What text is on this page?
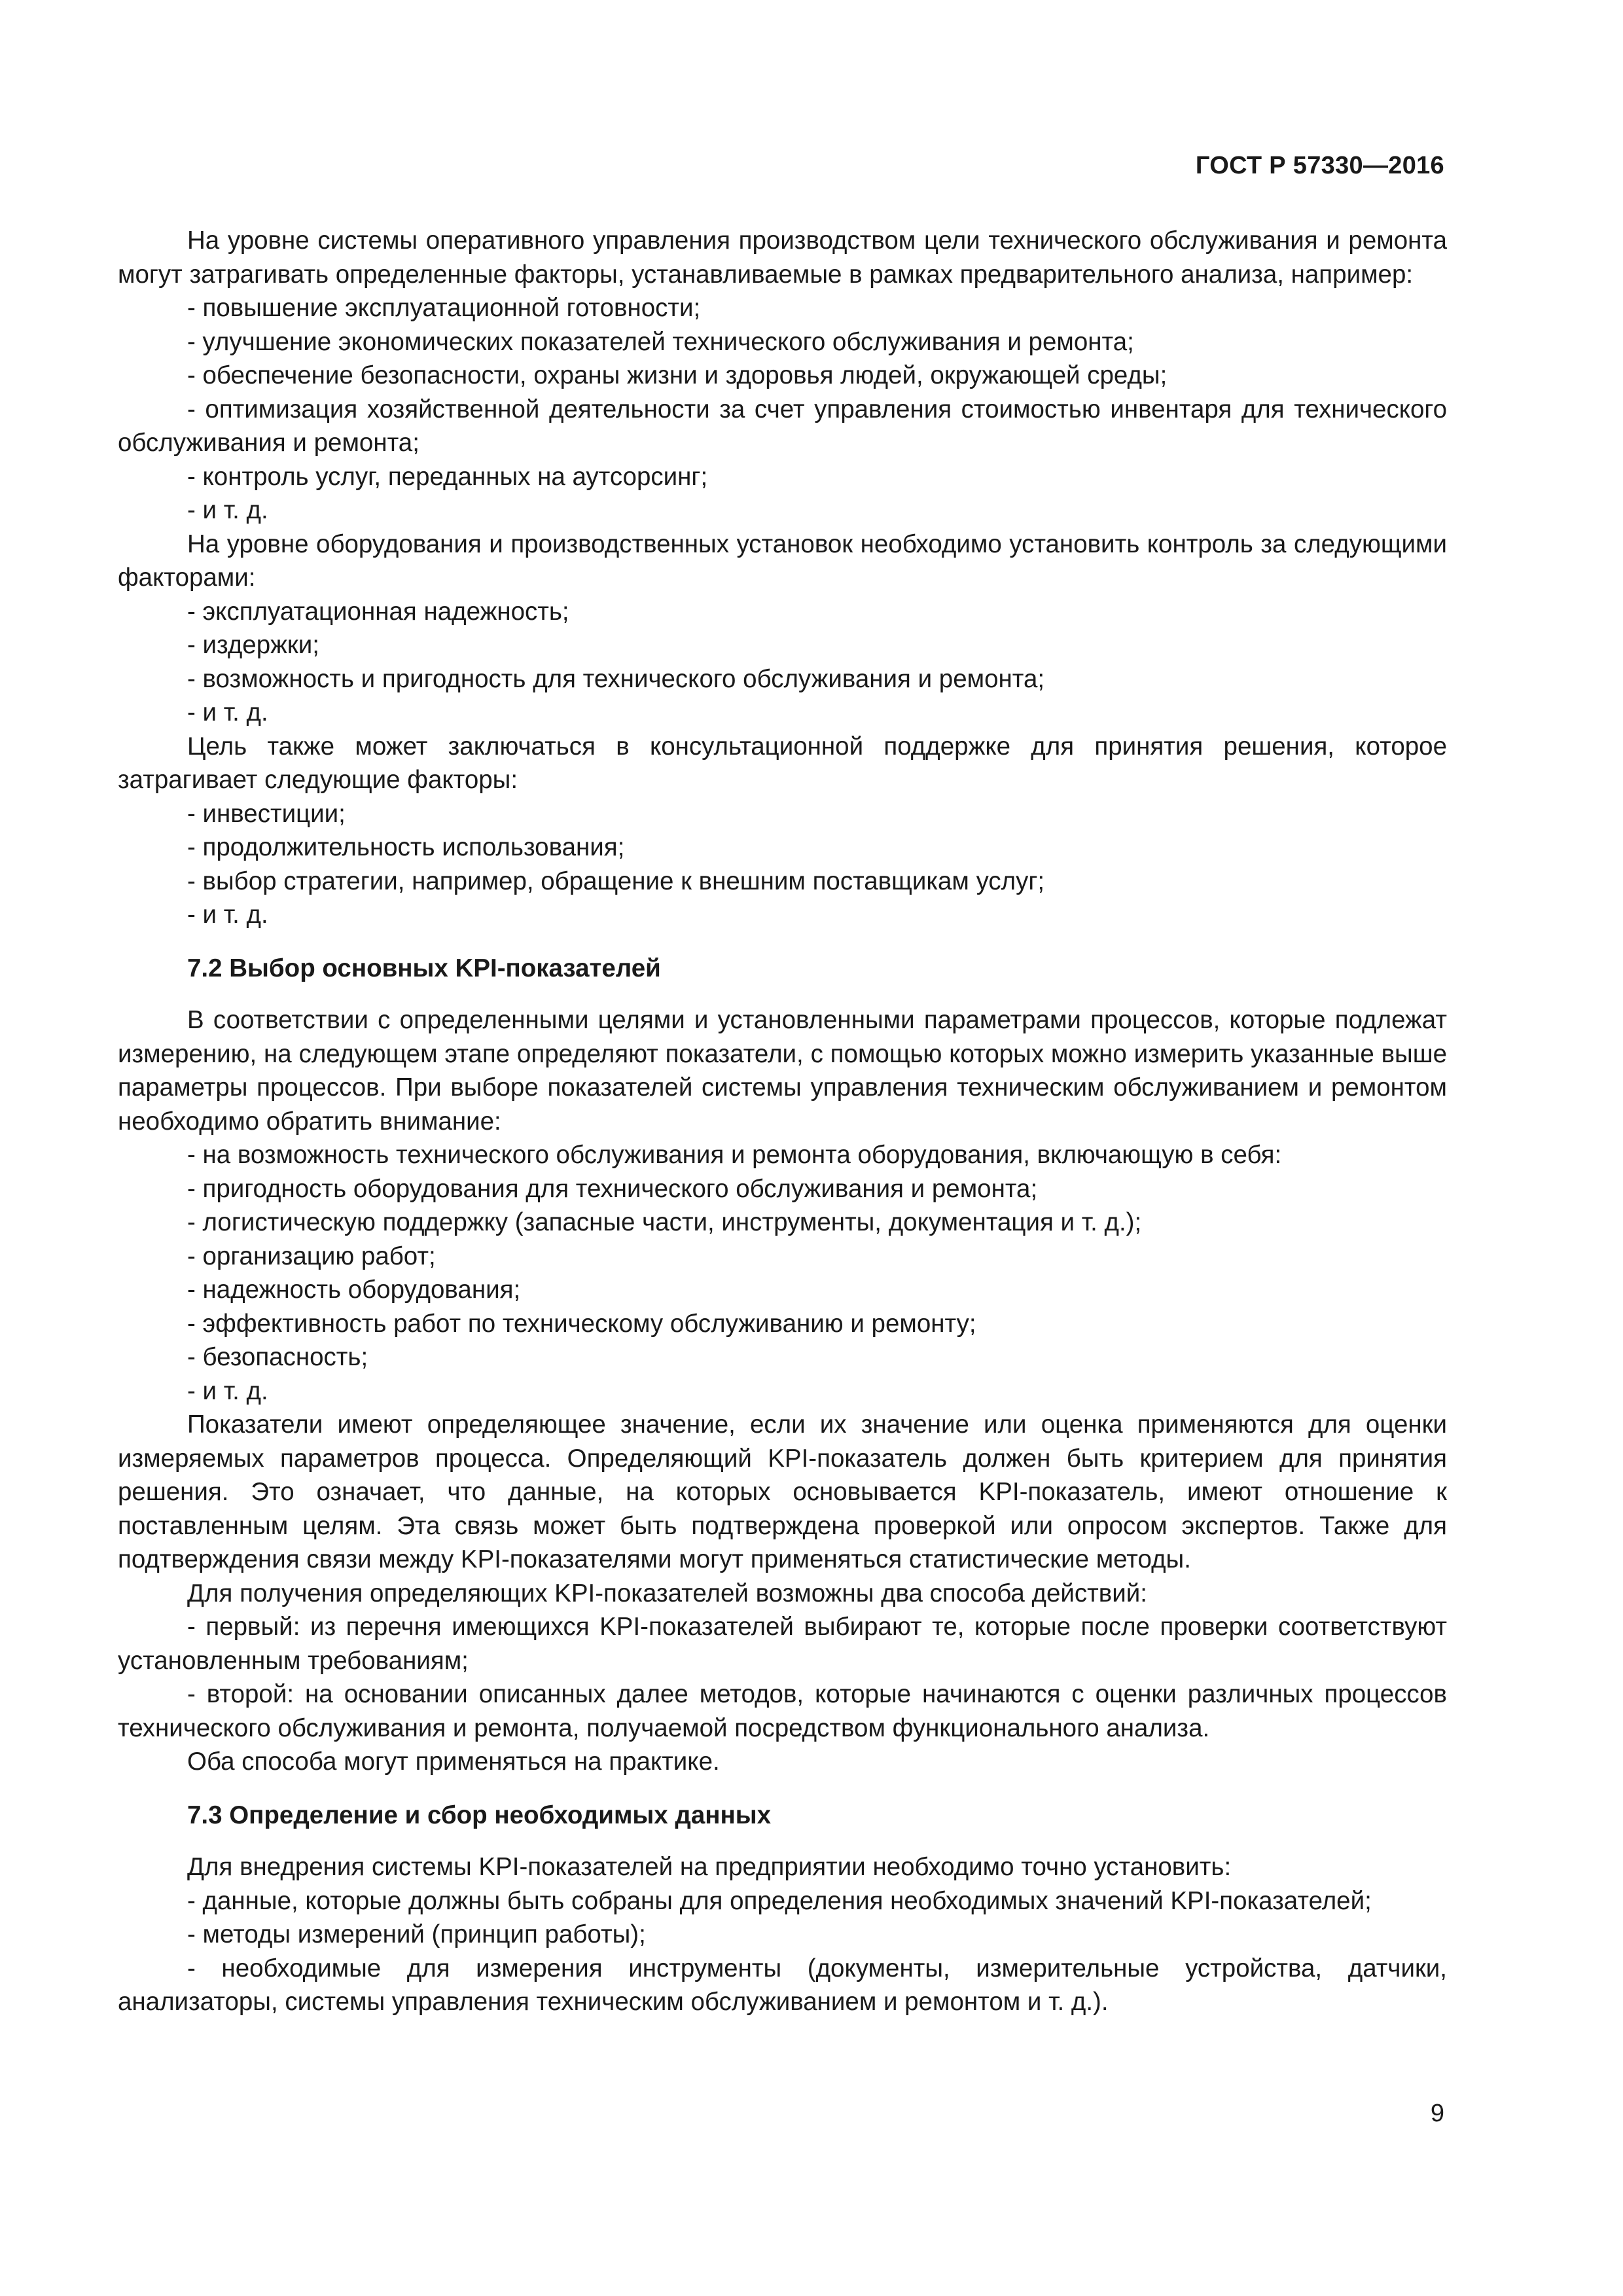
ГОСТ Р 57330—2016

На уровне системы оперативного управления производством цели технического обслуживания и ремонта могут затрагивать определенные факторы, устанавливаемые в рамках предварительного анализа, например:

- повышение эксплуатационной готовности;

- улучшение экономических показателей технического обслуживания и ремонта;

- обеспечение безопасности, охраны жизни и здоровья людей, окружающей среды;

- оптимизация хозяйственной деятельности за счет управления стоимостью инвентаря для технического обслуживания и ремонта;

- контроль услуг, переданных на аутсорсинг;

- и т. д.

На уровне оборудования и производственных установок необходимо установить контроль за следующими факторами:

- эксплуатационная надежность;

- издержки;

- возможность и пригодность для технического обслуживания и ремонта;

- и т. д.

Цель также может заключаться в консультационной поддержке для принятия решения, которое затрагивает следующие факторы:

- инвестиции;

- продолжительность использования;

- выбор стратегии, например, обращение к внешним поставщикам услуг;

- и т. д.

7.2 Выбор основных KPI-показателей

В соответствии с определенными целями и установленными параметрами процессов, которые подлежат измерению, на следующем этапе определяют показатели, с помощью которых можно измерить указанные выше параметры процессов. При выборе показателей системы управления техническим обслуживанием и ремонтом необходимо обратить внимание:

- на возможность технического обслуживания и ремонта оборудования, включающую в себя:

- пригодность оборудования для технического обслуживания и ремонта;

- логистическую поддержку (запасные части, инструменты, документация и т. д.);

- организацию работ;

- надежность оборудования;

- эффективность работ по техническому обслуживанию и ремонту;

- безопасность;

- и т. д.

Показатели имеют определяющее значение, если их значение или оценка применяются для оценки измеряемых параметров процесса. Определяющий KPI-показатель должен быть критерием для принятия решения. Это означает, что данные, на которых основывается KPI-показатель, имеют отношение к поставленным целям. Эта связь может быть подтверждена проверкой или опросом экспертов. Также для подтверждения связи между KPI-показателями могут применяться статистические методы.

Для получения определяющих KPI-показателей возможны два способа действий:

- первый: из перечня имеющихся KPI-показателей выбирают те, которые после проверки соответствуют установленным требованиям;

- второй: на основании описанных далее методов, которые начинаются с оценки различных процессов технического обслуживания и ремонта, получаемой посредством функционального анализа.

Оба способа могут применяться на практике.

7.3 Определение и сбор необходимых данных

Для внедрения системы KPI-показателей на предприятии необходимо точно установить:

- данные, которые должны быть собраны для определения необходимых значений KPI-показателей;

- методы измерений (принцип работы);

- необходимые для измерения инструменты (документы, измерительные устройства, датчики, анализаторы, системы управления техническим обслуживанием и ремонтом и т. д.).

9
